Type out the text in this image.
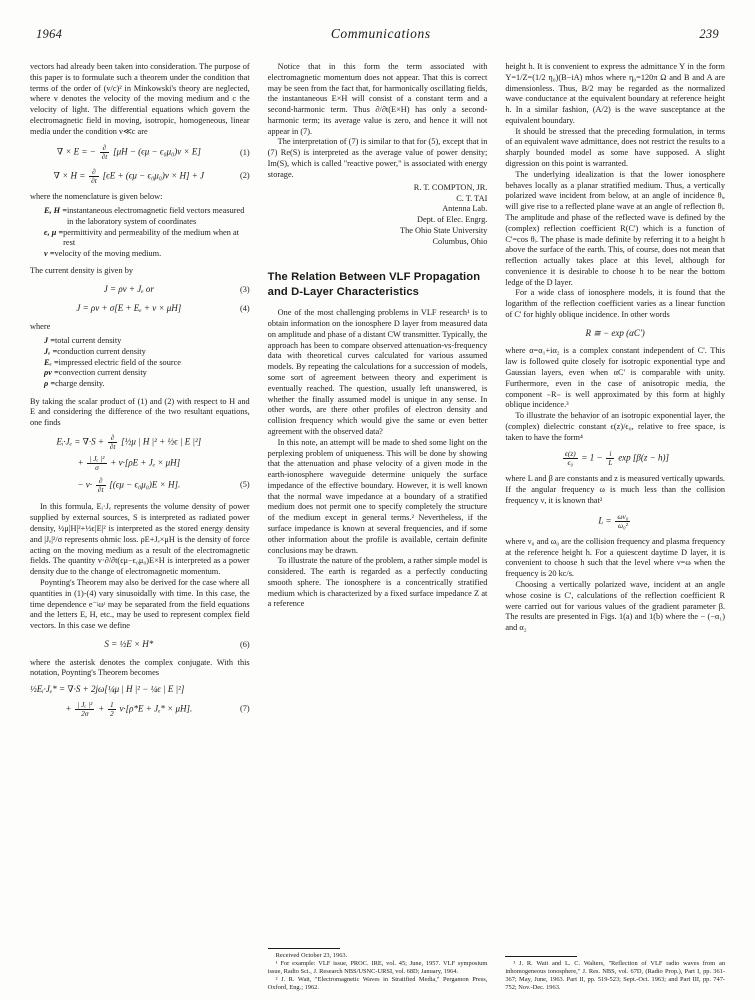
1964	Communications	239

vectors had already been taken into consideration. The purpose of this paper is to formulate such a theorem under the condition that terms of the order of (v/c)² in Minkowski's theory are neglected, where v denotes the velocity of the moving medium and c the velocity of light. The differential equations which govern the electromagnetic field in moving, isotropic, homogeneous, linear media under the condition v≪c are

∇ × E = − $\frac{\partial}{\partial t} [\mu H - (\epsilon\mu - \epsilon_0\mu_0)v \times E]$	(1)
∇ × $H = \frac{\partial}{\partial t} [\epsilon E + (\epsilon\mu - \epsilon_0\mu_0)v \times H] + J$	(2)

where the nomenclature is given below:

E, H = instantaneous electromagnetic field vectors measured in the laboratory system of coordinates
ϵ, μ = permittivity and permeability of the medium when at rest
v = velocity of the moving medium.

The current density is given by

J = ρv + Jₑ or	(3)
J = ρv + σ[E + Eₑ + v × μH]	(4)

where

J = total current density
Jₑ = conduction current density
Eₑ = impressed electric field of the source
ρv = convection current density
ρ = charge density.

By taking the scalar product of (1) and (2) with respect to H and E and considering the difference of the two resultant equations, one finds

Eᵢ·Jₑ = $\nabla\cdot S + \frac{\partial}{\partial t}$ [½μ | H |² + ½ϵ | E |²]
+ $\frac{\text{| Jₑ |²}}{\sigma} + v\cdot[\rho E + J_e \times \mu H]$
− $v\cdot \frac{\partial}{\partial t} [(\epsilon\mu - \epsilon_0\mu_0)E \times H]$.	(5)

In this formula, Eᵢ·Jₑ represents the volume density of power supplied by external sources, S is interpreted as radiated power density, ½μ|H|²+½ϵ|E|² is interpreted as the stored energy density and |Jₑ|²/σ represents ohmic loss. ρE+Jₑ×μH is the density of force acting on the moving medium as a result of the electromagnetic fields. The quantity v·∂/∂t(ϵμ−ϵ₀μ₀)E×H is interpreted as a power density due to the change of electromagnetic momentum.

Poynting's Theorem may also be derived for the case where all quantities in (1)-(4) vary sinusoidally with time. In this case, the time dependence e⁻ʲωᵗ may be separated from the field equations and the letters E, H, etc., may be used to represent complex field vectors. In this case we define

S = ½E × H*	(6)

where the asterisk denotes the complex conjugate. With this notation, Poynting's Theorem becomes

½Eᵢ·Jₑ* = ∇·S + 2jω[¼μ | H |² − ¼ϵ | E |²]
+ $\frac{\text{| Jₑ |²}}{2\sigma} + \frac{1}{2} v\cdot[\rho*E + J_e* \times \mu H]$.	(7)

Notice that in this form the term associated with electromagnetic momentum does not appear. That this is correct may be seen from the fact that, for harmonically oscillating fields, the instantaneous E×H will consist of a constant term and a second-harmonic term. Thus ∂/∂t(E×H) has only a second-harmonic term; its average value is zero, and hence it will not appear in (7).

The interpretation of (7) is similar to that for (5), except that in (7) Re(S) is interpreted as the average value of power density; Im(S), which is called "reactive power," is associated with energy storage.

R. T. COMPTON, JR.
C. T. TAI
Antenna Lab.
Dept. of Elec. Engrg.
The Ohio State University
Columbus, Ohio
The Relation Between VLF Propagation and D-Layer Characteristics

One of the most challenging problems in VLF research¹ is to obtain information on the ionosphere D layer from measured data on amplitude and phase of a distant CW transmitter. Typically, the approach has been to compare observed attenuation-vs-frequency data with theoretical curves calculated for various assumed models. By repeating the calculations for a succession of models, some sort of agreement between theory and experiment is eventually reached. The question, usually left unanswered, is whether the finally assumed model is unique in any sense. In other words, are there other profiles of electron density and collision frequency which would give the same or even better agreement with the observed data?

In this note, an attempt will be made to shed some light on the perplexing problem of uniqueness. This will be done by showing that the attenuation and phase velocity of a given mode in the earth-ionosphere waveguide determine uniquely the surface impedance of the effective boundary. However, it is well known that the normal wave impedance at a boundary of a stratified medium does not permit one to specify completely the structure of the medium except in general terms.² Nevertheless, if the surface impedance is known at several frequencies, and if some other information about the profile is available, certain definite conclusions may be drawn.

To illustrate the nature of the problem, a rather simple model is considered. The earth is regarded as a perfectly conducting smooth sphere. The ionosphere is a concentrically stratified medium which is characterized by a fixed surface impedance Z at a reference

Received October 23, 1963.

¹ For example: VLF issue, PROC. IRE, vol. 45; June, 1957. VLF symposium issue, Radio Sci., J. Research NBS/USNC-URSI, vol. 68D; January, 1964.

² J. R. Wait, "Electromagnetic Waves in Stratified Media," Pergamon Press, Oxford, Eng.; 1962.

height h. It is convenient to express the admittance Y in the form Y=1/Z=(1/2 η₀)(B−iA) mhos where η₀=120π Ω and B and A are dimensionless. Thus, B/2 may be regarded as the normalized wave conductance at the equivalent boundary at reference height h. In a similar fashion, (A/2) is the wave susceptance at the equivalent boundary.

It should be stressed that the preceding formulation, in terms of an equivalent wave admittance, does not restrict the results to a sharply bounded model as some have supposed. A slight digression on this point is warranted.

The underlying idealization is that the lower ionosphere behaves locally as a planar stratified medium. Thus, a vertically polarized wave incident from below, at an angle of incidence θᵢ, will give rise to a reflected plane wave at an angle of reflection θᵢ. The amplitude and phase of the reflected wave is defined by the (complex) reflection coefficient R(C') which is a function of C'=cos θᵢ. The phase is made definite by referring it to a height h above the surface of the earth. This, of course, does not mean that reflection actually takes place at this level, although for convenience it is desirable to choose h to be near the bottom ledge of the D layer.

For a wide class of ionosphere models, it is found that the logarithm of the reflection coefficient varies as a linear function of C' for highly oblique incidence. In other words

R ≅ − exp (αC')

where α=α₁+iα₂ is a complex constant independent of C'. This law is followed quite closely for isotropic exponential type and Gaussian layers, even when αC' is comparable with unity. Furthermore, even in the case of anisotropic media, the component ₌R₌ is well approximated by this form at highly oblique incidence.³

To illustrate the behavior of an isotropic exponential layer, the (complex) dielectric constant ϵ(z)/ϵ₀, relative to free space, is taken to have the form⁴

$\frac{\epsilon(z)}{\text{ϵ₀}} = 1 - \frac{i}{L}$ exp [β(z − h)]

where L and β are constants and z is measured vertically upwards. If the angular frequency ω is much less than the collision frequency ν, it is known that²

$L = \frac{\text{ων₀}}{\text{ω₀²}}$

where ν₀ and ω₀ are the collision frequency and plasma frequency at the reference height h. For a quiescent daytime D layer, it is convenient to choose h such that the level where ν=ω when the frequency is 20 kc/s.

Choosing a vertically polarized wave, incident at an angle whose cosine is C', calculations of the reflection coefficient R were carried out for various values of the gradient parameter β. The results are presented in Figs. 1(a) and 1(b) where the − (−α₁) and α₂

³ J. R. Wait and L. C. Walters, "Reflection of VLF radio waves from an inhomogeneous ionosphere," J. Res. NBS, vol. 67D, (Radio Prop.), Part I, pp. 361-367; May, June, 1963. Part II, pp. 519-523; Sept.-Oct. 1963; and Part III, pp. 747-752; Nov.-Dec. 1963.
